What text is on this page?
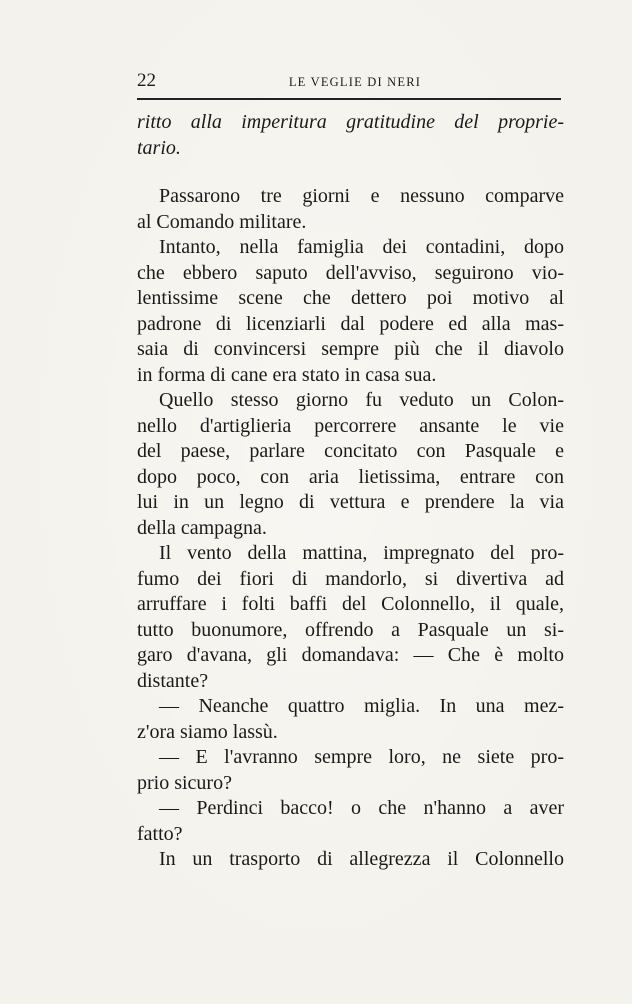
22	LE VEGLIE DI NERI
ritto alla imperitura gratitudine del proprie-
tario.
Passarono tre giorni e nessuno comparve
al Comando militare.
Intanto, nella famiglia dei contadini, dopo
che ebbero saputo dell'avviso, seguirono vio-
lentissime scene che dettero poi motivo al
padrone di licenziarli dal podere ed alla mas-
saia di convincersi sempre più che il diavolo
in forma di cane era stato in casa sua.
Quello stesso giorno fu veduto un Colon-
nello d'artiglieria percorrere ansante le vie
del paese, parlare concitato con Pasquale e
dopo poco, con aria lietissima, entrare con
lui in un legno di vettura e prendere la via
della campagna.
Il vento della mattina, impregnato del pro-
fumo dei fiori di mandorlo, si divertiva ad
arruffare i folti baffi del Colonnello, il quale,
tutto buonumore, offrendo a Pasquale un si-
garo d'avana, gli domandava: — Che è molto
distante?
— Neanche quattro miglia. In una mez-
z'ora siamo lassù.
— E l'avranno sempre loro, ne siete pro-
prio sicuro?
— Perdinci bacco! o che n'hanno a aver
fatto?
In un trasporto di allegrezza il Colonnello
